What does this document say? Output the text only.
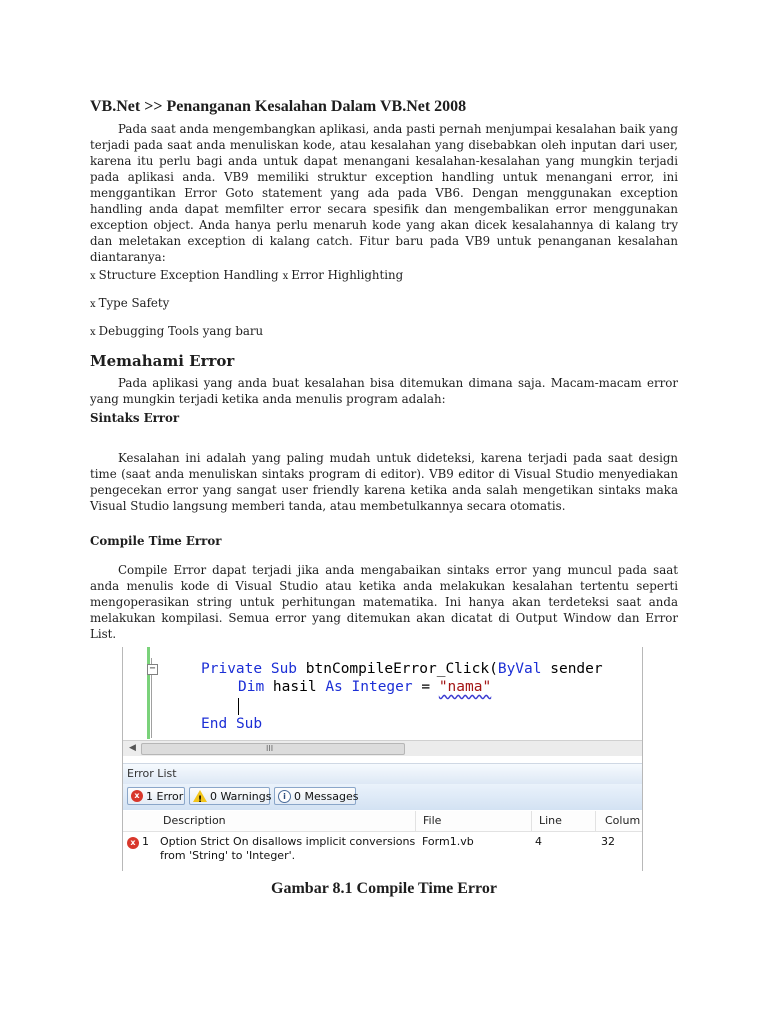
VB.Net >> Penanganan Kesalahan Dalam VB.Net 2008

Pada saat anda mengembangkan aplikasi, anda pasti pernah menjumpai kesalahan baik yang terjadi pada saat anda menuliskan kode, atau kesalahan yang disebabkan oleh inputan dari user, karena itu perlu bagi anda untuk dapat menangani kesalahan-kesalahan yang mungkin terjadi pada aplikasi anda. VB9 memiliki struktur exception handling untuk menangani error, ini menggantikan Error Goto statement yang ada pada VB6. Dengan menggunakan exception handling anda dapat memfilter error secara spesifik dan mengembalikan error menggunakan exception object. Anda hanya perlu menaruh kode yang akan dicek kesalahannya di kalang try dan meletakan exception di kalang catch. Fitur baru pada VB9 untuk penanganan kesalahan diantaranya:

x Structure Exception Handling x Error Highlighting

x Type Safety

x Debugging Tools yang baru

Memahami Error

Pada aplikasi yang anda buat kesalahan bisa ditemukan dimana saja. Macam-macam error yang mungkin terjadi ketika anda menulis program adalah:

Sintaks Error

Kesalahan ini adalah yang paling mudah untuk dideteksi, karena terjadi pada saat design time (saat anda menuliskan sintaks program di editor). VB9 editor di Visual Studio menyediakan pengecekan error yang sangat user friendly karena ketika anda salah mengetikan sintaks maka Visual Studio langsung memberi tanda, atau membetulkannya secara otomatis.

Compile Time Error

Compile Error dapat terjadi jika anda mengabaikan sintaks error yang muncul pada saat anda menulis kode di Visual Studio atau ketika anda melakukan kesalahan tertentu seperti mengoperasikan string untuk perhitungan matematika. Ini hanya akan terdeteksi saat anda melakukan kompilasi. Semua error yang ditemukan akan dicatat di Output Window dan Error List.

−	Private Sub btnCompileError_Click(ByVal sender
Dim hasil As Integer = "nama"
End Sub
◀	III
Error List
x 1 Error ! 0 Warnings	i 0 Messages
Description	File	Line	Colum
x 1 Option Strict On disallows implicit conversions
from 'String' to 'Integer'.
Form1.vb	4	32

Gambar 8.1 Compile Time Error
